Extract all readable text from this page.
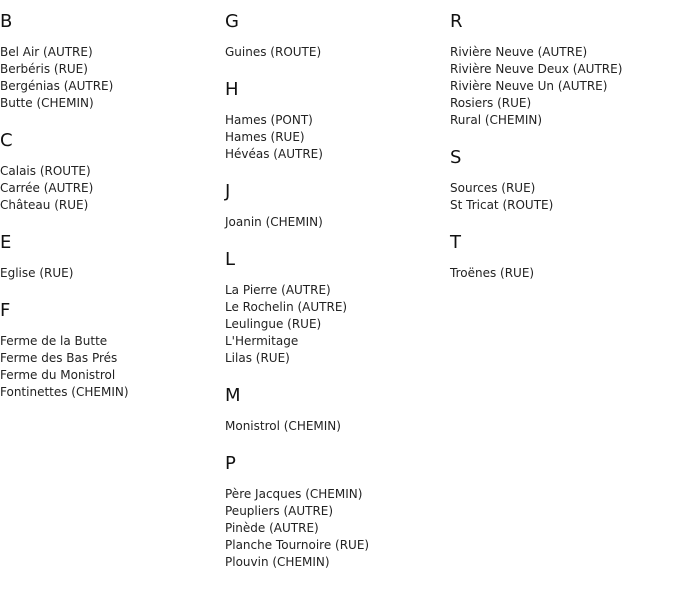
B
Bel Air (AUTRE)
Berbéris (RUE)
Bergénias (AUTRE)
Butte (CHEMIN)
C
Calais (ROUTE)
Carrée (AUTRE)
Château (RUE)
E
Eglise (RUE)
F
Ferme de la Butte
Ferme des Bas Prés
Ferme du Monistrol
Fontinettes (CHEMIN)
G
Guines (ROUTE)
H
Hames (PONT)
Hames (RUE)
Hévéas (AUTRE)
J
Joanin (CHEMIN)
L
La Pierre (AUTRE)
Le Rochelin (AUTRE)
Leulingue (RUE)
L'Hermitage
Lilas (RUE)
M
Monistrol (CHEMIN)
P
Père Jacques (CHEMIN)
Peupliers (AUTRE)
Pinède (AUTRE)
Planche Tournoire (RUE)
Plouvin (CHEMIN)
R
Rivière Neuve (AUTRE)
Rivière Neuve Deux (AUTRE)
Rivière Neuve Un (AUTRE)
Rosiers (RUE)
Rural (CHEMIN)
S
Sources (RUE)
St Tricat (ROUTE)
T
Troënes (RUE)
